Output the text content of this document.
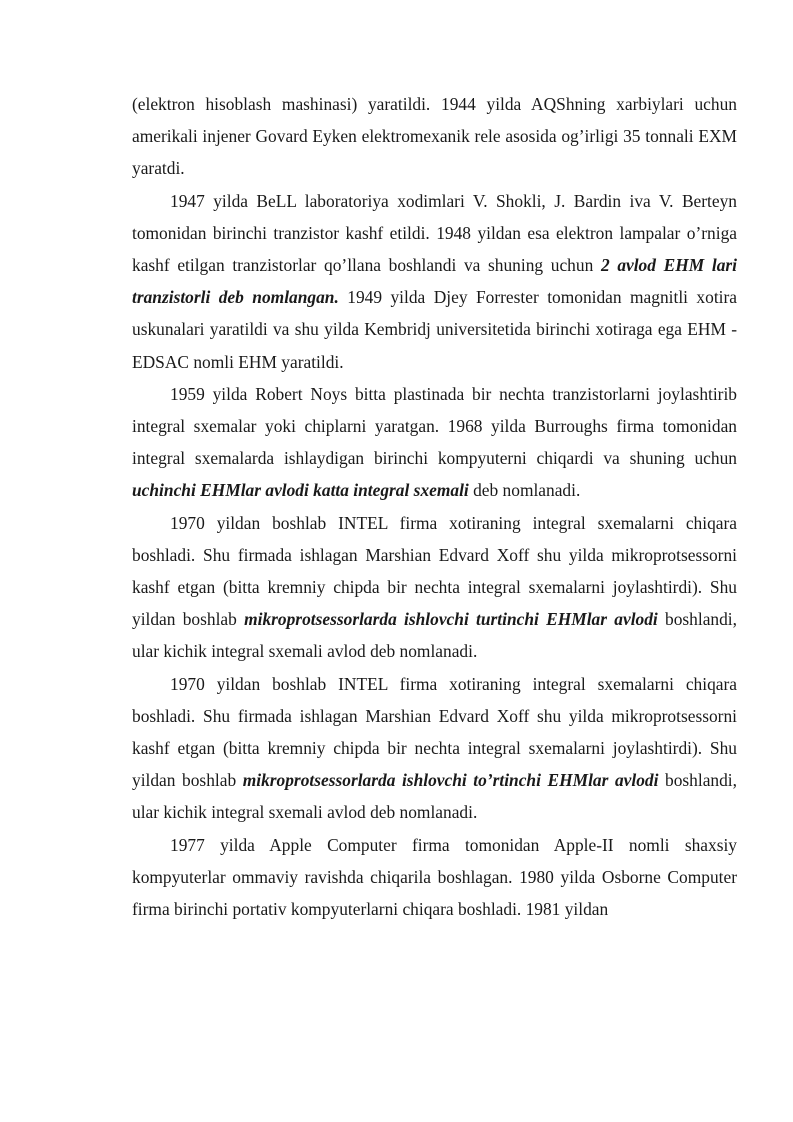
(elektron hisoblash mashinasi) yaratildi. 1944 yilda AQShning xarbiylari uchun amerikali injener Govard Eyken elektromexanik rele asosida og’irligi 35 tonnali EXM yaratdi.

1947 yilda BeLL laboratoriya xodimlari V. Shokli, J. Bardin iva V. Berteyn tomonidan birinchi tranzistor kashf etildi. 1948 yildan esa elektron lampalar o’rniga kashf etilgan tranzistorlar qo’llana boshlandi va shuning uchun 2 avlod EHM lari tranzistorli deb nomlangan. 1949 yilda Djey Forrester tomonidan magnitli xotira uskunalari yaratildi va shu yilda Kembridj universitetida birinchi xotiraga ega EHM - EDSAC nomli EHM yaratildi.

1959 yilda Robert Noys bitta plastinada bir nechta tranzistorlarni joylashtirib integral sxemalar yoki chiplarni yaratgan. 1968 yilda Burroughs firma tomonidan integral sxemalarda ishlaydigan birinchi kompyuterni chiqardi va shuning uchun uchinchi EHMlar avlodi katta integral sxemali deb nomlanadi.

1970 yildan boshlab INTEL firma xotiraning integral sxemalarni chiqara boshladi. Shu firmada ishlagan Marshian Edvard Xoff shu yilda mikroprotsessorni kashf etgan (bitta kremniy chipda bir nechta integral sxemalarni joylashtirdi). Shu yildan boshlab mikroprotsessorlarda ishlovchi turtinchi EHMlar avlodi boshlandi, ular kichik integral sxemali avlod deb nomlanadi.

1970 yildan boshlab INTEL firma xotiraning integral sxemalarni chiqara boshladi. Shu firmada ishlagan Marshian Edvard Xoff shu yilda mikroprotsessorni kashf etgan (bitta kremniy chipda bir nechta integral sxemalarni joylashtirdi). Shu yildan boshlab mikroprotsessorlarda ishlovchi to’rtinchi EHMlar avlodi boshlandi, ular kichik integral sxemali avlod deb nomlanadi.

1977 yilda Apple Computer firma tomonidan Apple-II nomli shaxsiy kompyuterlar ommaviy ravishda chiqarila boshlagan. 1980 yilda Osborne Computer firma birinchi portativ kompyuterlarni chiqara boshladi. 1981 yildan
